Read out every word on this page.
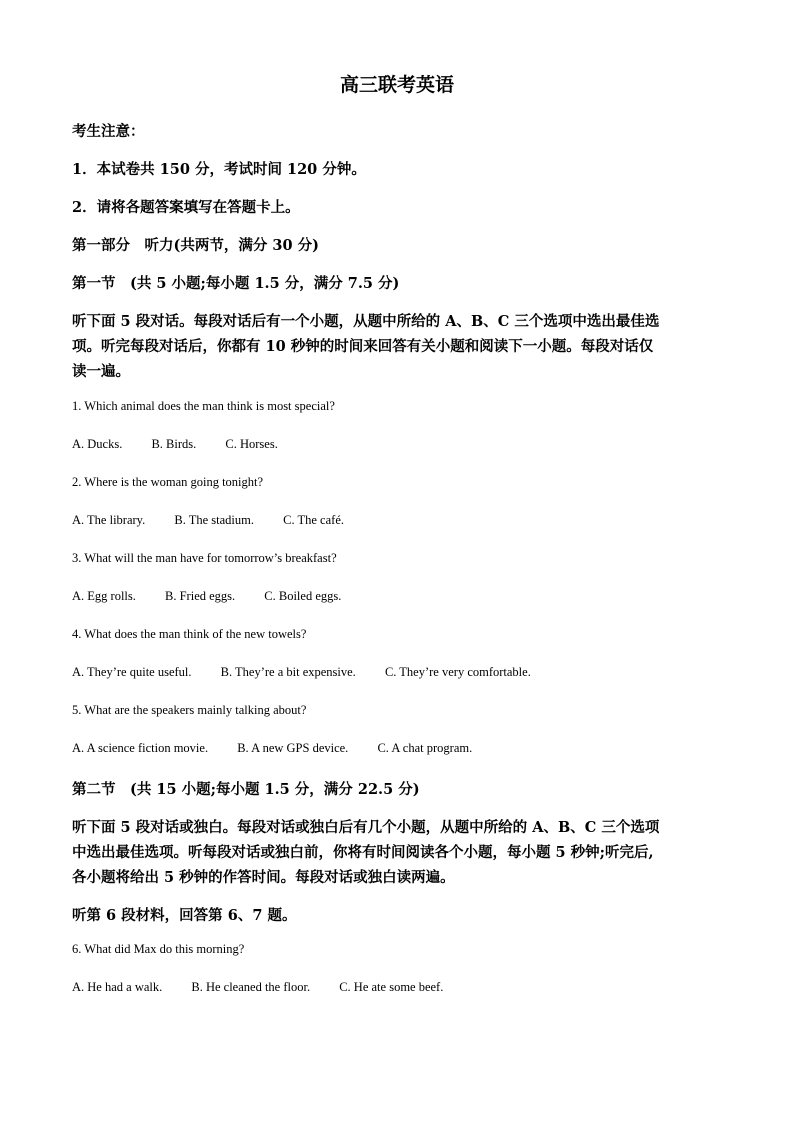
高三联考英语
考生注意：
1．本试卷共 150 分，考试时间 120 分钟。
2．请将各题答案填写在答题卡上。
第一部分　听力(共两节，满分 30 分)
第一节　(共 5 小题;每小题 1.5 分，满分 7.5 分)
听下面 5 段对话。每段对话后有一个小题，从题中所给的 A、B、C 三个选项中选出最佳选
项。听完每段对话后，你都有 10 秒钟的时间来回答有关小题和阅读下一小题。每段对话仅
读一遍。
1. Which animal does the man think is most special?
A. Ducks. B. Birds. C. Horses.
2. Where is the woman going tonight?
A. The library. B. The stadium. C. The café.
3. What will the man have for tomorrow’s breakfast?
A. Egg rolls. B. Fried eggs. C. Boiled eggs.
4. What does the man think of the new towels?
A. They’re quite useful. B. They’re a bit expensive. C. They’re very comfortable.
5. What are the speakers mainly talking about?
A. A science fiction movie. B. A new GPS device. C. A chat program.
第二节　(共 15 小题;每小题 1.5 分，满分 22.5 分)
听下面 5 段对话或独白。每段对话或独白后有几个小题，从题中所给的 A、B、C 三个选项
中选出最佳选项。听每段对话或独白前，你将有时间阅读各个小题，每小题 5 秒钟;听完后,
各小题将给出 5 秒钟的作答时间。每段对话或独白读两遍。
听第 6 段材料，回答第 6、7 题。
6. What did Max do this morning?
A. He had a walk. B. He cleaned the floor. C. He ate some beef.
